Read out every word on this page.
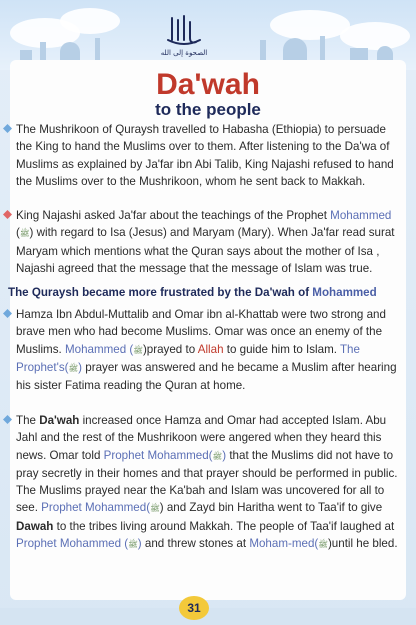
الصحوة إلى الله
Da'wah
to the people
The Mushrikoon of Quraysh travelled to Habasha (Ethiopia) to persuade the King to hand the Muslims over to them. After listening to the Da'wa of Muslims as explained by Ja'far ibn Abi Talib, King Najashi refused to hand the Muslims over to the Mushrikoon, whom he sent back to Makkah.
King Najashi asked Ja'far about the teachings of the Prophet Mohammed (ﷺ) with regard to Isa (Jesus) and Maryam (Mary). When Ja'far read surat Maryam which mentions what the Quran says about the mother of Isa , Najashi agreed that the message that the message of Islam was true.
The Quraysh became more frustrated by the Da'wah of Mohammed
Hamza Ibn Abdul-Muttalib and Omar ibn al-Khattab were two strong and brave men who had become Muslims. Omar was once an enemy of the Muslims. Mohammed (ﷺ)prayed to Allah to guide him to Islam. The Prophet's(ﷺ) prayer was answered and he became a Muslim after hearing his sister Fatima reading the Quran at home.
The Da'wah increased once Hamza and Omar had accepted Islam. Abu Jahl and the rest of the Mushrikoon were angered when they heard this news. Omar told Prophet Mohammed(ﷺ) that the Muslims did not have to pray secretly in their homes and that prayer should be performed in public. The Muslims prayed near the Ka'bah and Islam was uncovered for all to see. Prophet Mohammed(ﷺ) and Zayd bin Haritha went to Taa'if to give Dawah to the tribes living around Makkah. The people of Taa'if laughed at Prophet Mohammed (ﷺ) and threw stones at Moham-med(ﷺ)until he bled.
31
